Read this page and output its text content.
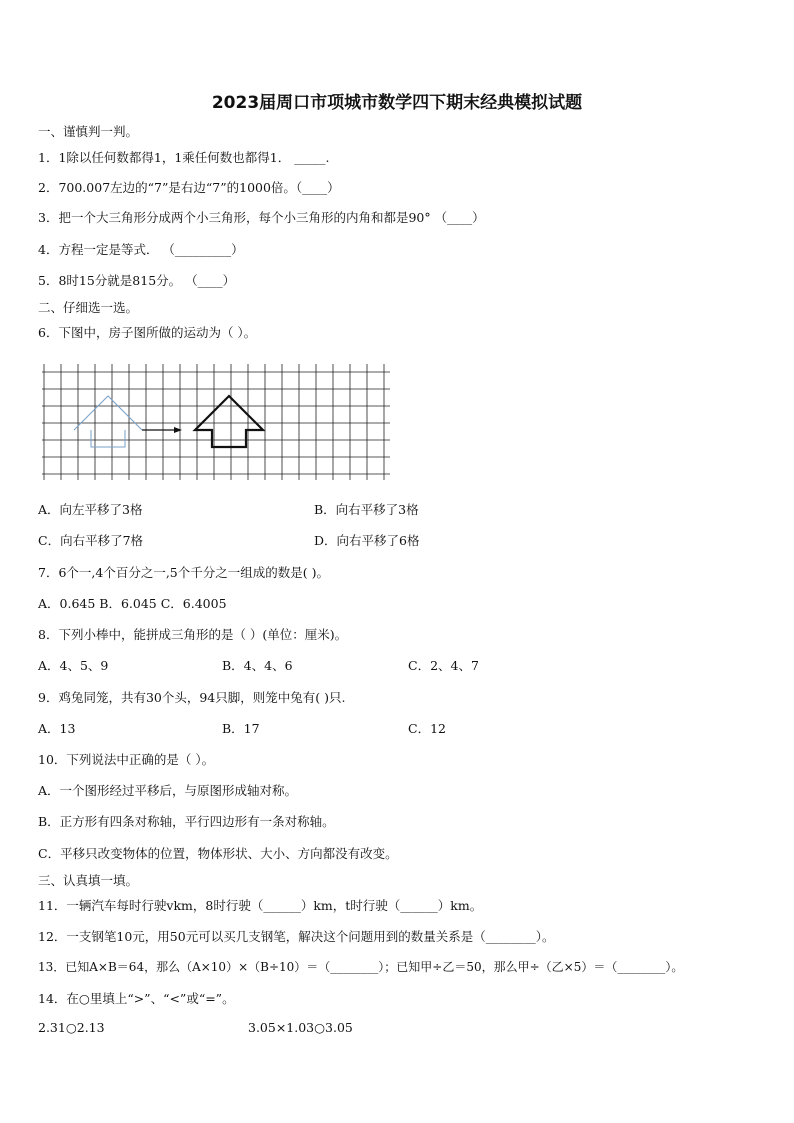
2023届周口市项城市数学四下期末经典模拟试题
一、谨慎判一判。
1．1除以任何数都得1，1乘任何数也都得1． _____.
2．700.007左边的“7”是右边“7”的1000倍。（____）
3．把一个大三角形分成两个小三角形，每个小三角形的内角和都是90° （____）
4．方程一定是等式． （_________）
5．8时15分就是815分。 （____）
二、仔细选一选。
6．下图中，房子图所做的运动为（ ）。
A．向左平移了3格	B．向右平移了3格
C．向右平移了7格	D．向右平移了6格
7．6个一,4个百分之一,5个千分之一组成的数是( )。
A．0.645 B．6.045 C．6.4005
8．下列小棒中，能拼成三角形的是（ ）(单位：厘米)。
A．4、5、9	B．4、4、6	C．2、4、7
9．鸡兔同笼，共有30个头，94只脚，则笼中兔有( )只.
A．13	B．17	C．12
10．下列说法中正确的是（ ）。
A．一个图形经过平移后，与原图形成轴对称。
B．正方形有四条对称轴，平行四边形有一条对称轴。
C．平移只改变物体的位置，物体形状、大小、方向都没有改变。
三、认真填一填。
11．一辆汽车每时行驶vkm，8时行驶（______）km，t时行驶（______）km。
12．一支钢笔10元，用50元可以买几支钢笔，解决这个问题用到的数量关系是（________）。
13．已知A×B＝64，那么（A×10）×（B÷10）＝（________）；已知甲÷乙＝50，那么甲÷（乙×5）＝（________）。
14．在○里填上“>”、“<”或“=”。
2.31○2.13	3.05×1.03○3.05
